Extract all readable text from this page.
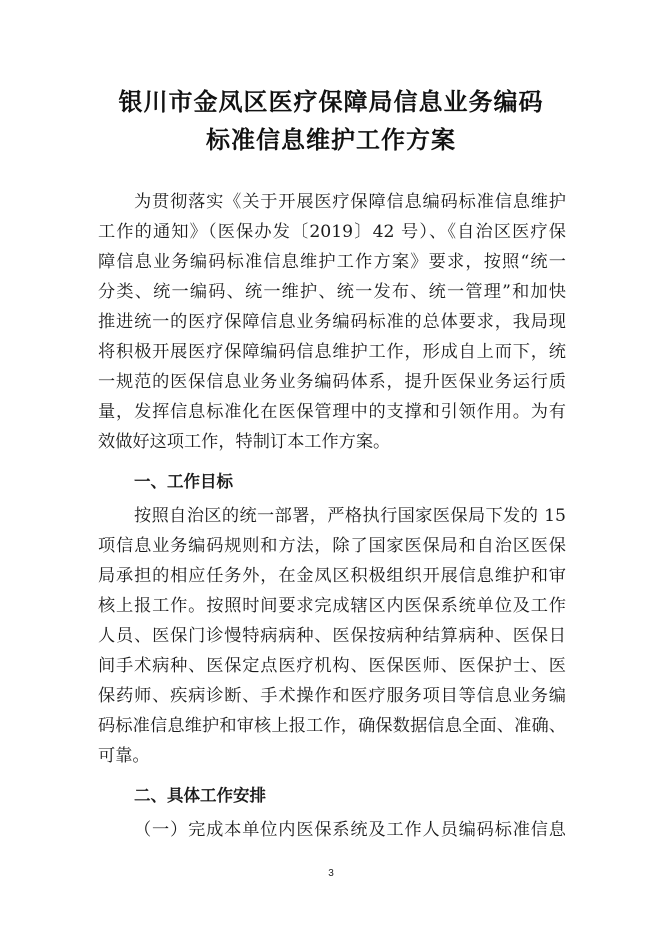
银川市金凤区医疗保障局信息业务编码
标准信息维护工作方案
为贯彻落实《关于开展医疗保障信息编码标准信息维护
工作的通知》（医保办发〔2019〕42 号）、《自治区医疗保
障信息业务编码标准信息维护工作方案》要求，按照“统一
分类、统一编码、统一维护、统一发布、统一管理”和加快
推进统一的医疗保障信息业务编码标准的总体要求，我局现
将积极开展医疗保障编码信息维护工作，形成自上而下，统
一规范的医保信息业务业务编码体系，提升医保业务运行质
量，发挥信息标准化在医保管理中的支撑和引领作用。为有
效做好这项工作，特制订本工作方案。
一、工作目标
按照自治区的统一部署，严格执行国家医保局下发的 15
项信息业务编码规则和方法，除了国家医保局和自治区医保
局承担的相应任务外，在金凤区积极组织开展信息维护和审
核上报工作。按照时间要求完成辖区内医保系统单位及工作
人员、医保门诊慢特病病种、医保按病种结算病种、医保日
间手术病种、医保定点医疗机构、医保医师、医保护士、医
保药师、疾病诊断、手术操作和医疗服务项目等信息业务编
码标准信息维护和审核上报工作，确保数据信息全面、准确、
可靠。
二、具体工作安排
（一）完成本单位内医保系统及工作人员编码标准信息
3
